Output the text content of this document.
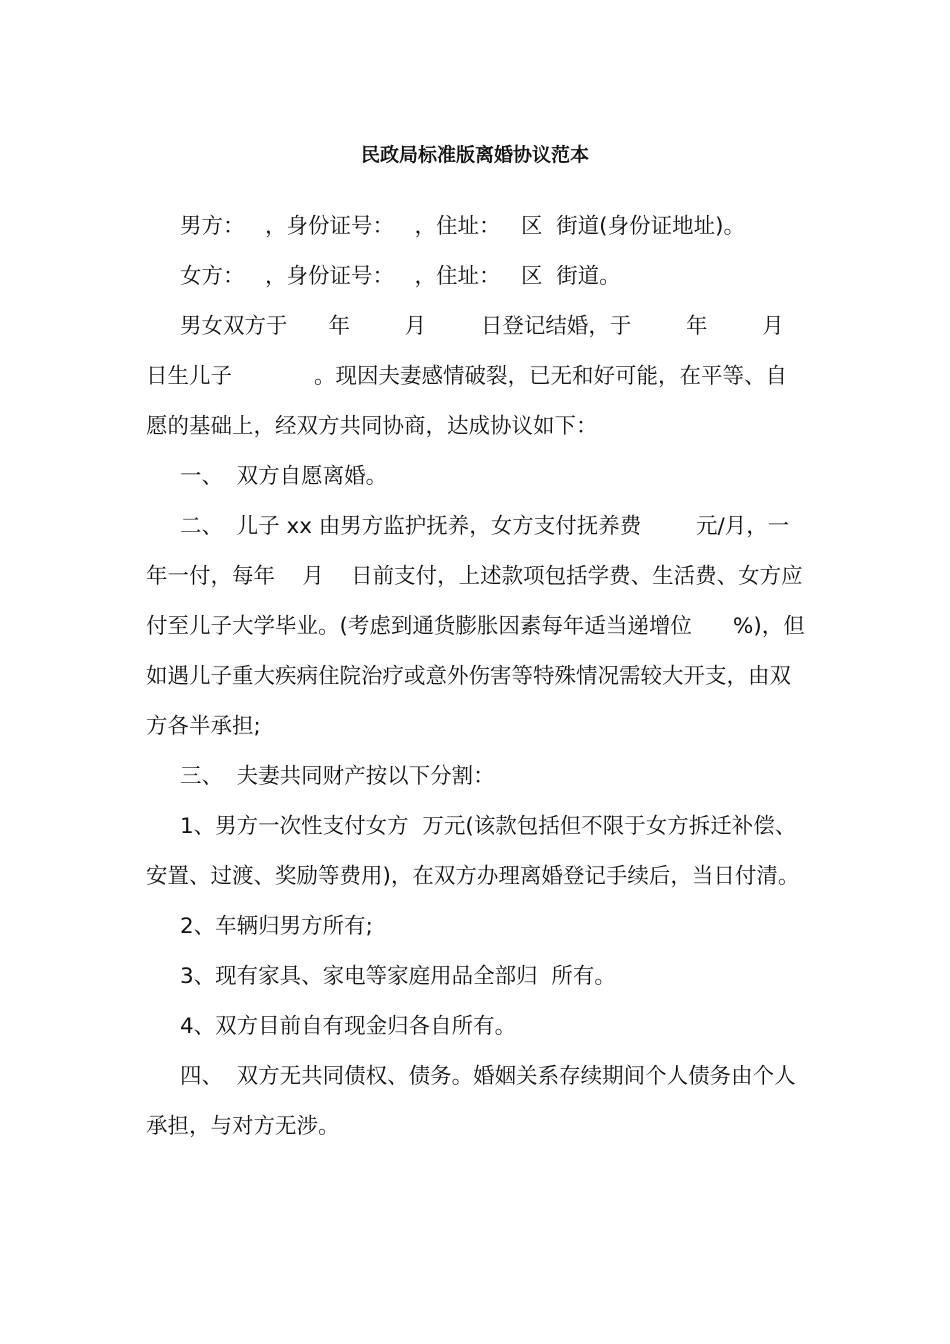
民政局标准版离婚协议范本

男方：   ，身份证号：   ，住址：   区  街道(身份证地址)。

女方：   ，身份证号：   ，住址：   区  街道。

男女双方于      年        月        日登记结婚，于        年        月        日生儿子            。现因夫妻感情破裂，已无和好可能，在平等、自愿的基础上，经双方共同协商，达成协议如下：

一、  双方自愿离婚。

二、  儿子 xx 由男方监护抚养，女方支付抚养费        元/月，一年一付，每年    月    日前支付，上述款项包括学费、生活费、女方应付至儿子大学毕业。(考虑到通货膨胀因素每年适当递增位      %)，但如遇儿子重大疾病住院治疗或意外伤害等特殊情况需较大开支，由双方各半承担;

三、  夫妻共同财产按以下分割：

1、男方一次性支付女方  万元(该款包括但不限于女方拆迁补偿、安置、过渡、奖励等费用)，在双方办理离婚登记手续后，当日付清。

2、车辆归男方所有;

3、现有家具、家电等家庭用品全部归  所有。

4、双方目前自有现金归各自所有。

四、  双方无共同债权、债务。婚姻关系存续期间个人债务由个人承担，与对方无涉。
